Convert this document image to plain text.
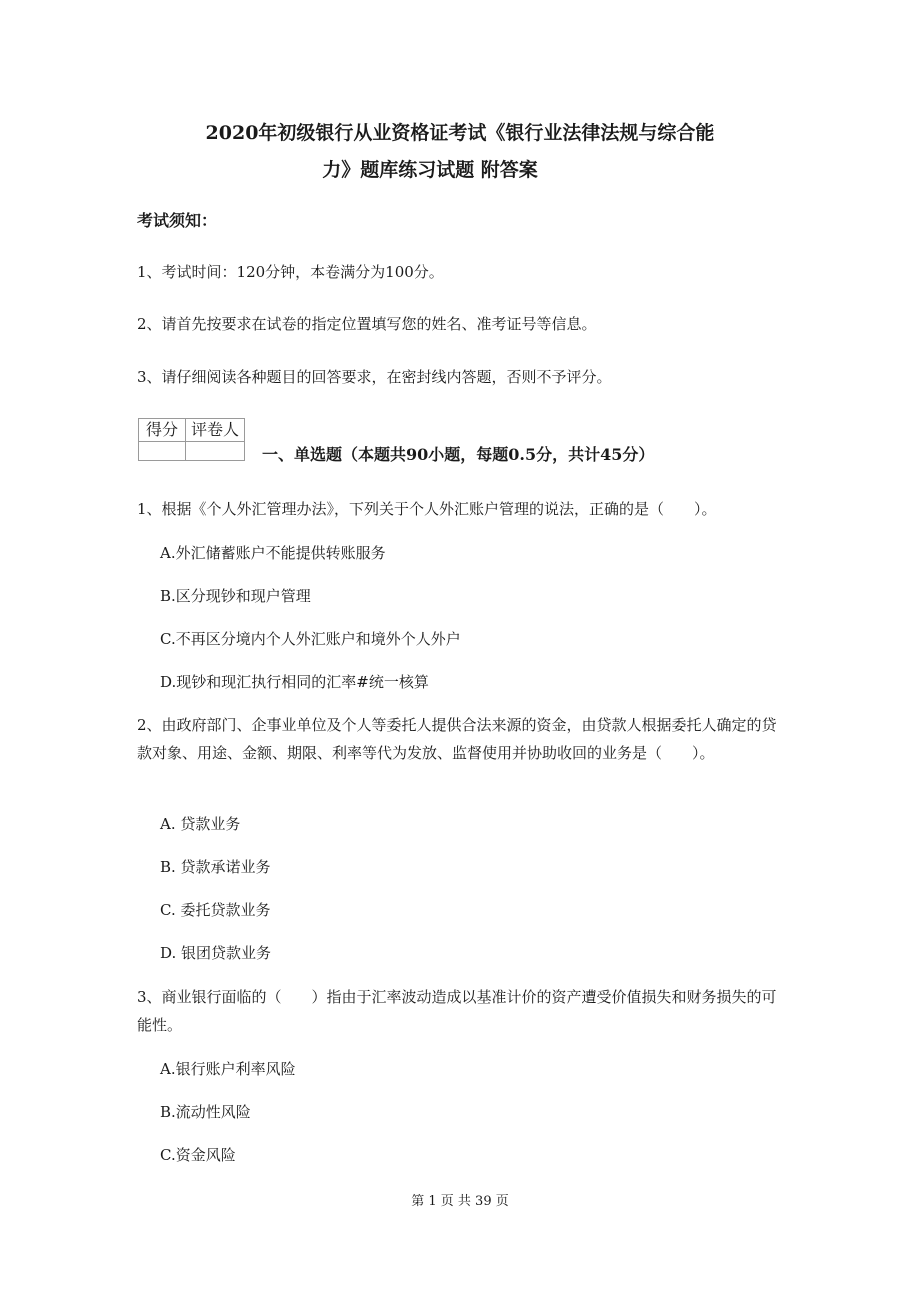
2020年初级银行从业资格证考试《银行业法律法规与综合能
力》题库练习试题 附答案
考试须知：
1、考试时间：120分钟，本卷满分为100分。
2、请首先按要求在试卷的指定位置填写您的姓名、准考证号等信息。
3、请仔细阅读各种题目的回答要求，在密封线内答题，否则不予评分。
得分	评卷人

一、单选题（本题共90小题，每题0.5分，共计45分）
1、根据《个人外汇管理办法》，下列关于个人外汇账户管理的说法，正确的是（　　）。
A.外汇储蓄账户不能提供转账服务
B.区分现钞和现户管理
C.不再区分境内个人外汇账户和境外个人外户
D.现钞和现汇执行相同的汇率#统一核算
2、由政府部门、企事业单位及个人等委托人提供合法来源的资金，由贷款人根据委托人确定的贷款对象、用途、金额、期限、利率等代为发放、监督使用并协助收回的业务是（　　）。
A. 贷款业务
B. 贷款承诺业务
C. 委托贷款业务
D. 银团贷款业务
3、商业银行面临的（　　）指由于汇率波动造成以基准计价的资产遭受价值损失和财务损失的可能性。
A.银行账户利率风险
B.流动性风险
C.资金风险
第 1 页 共 39 页
